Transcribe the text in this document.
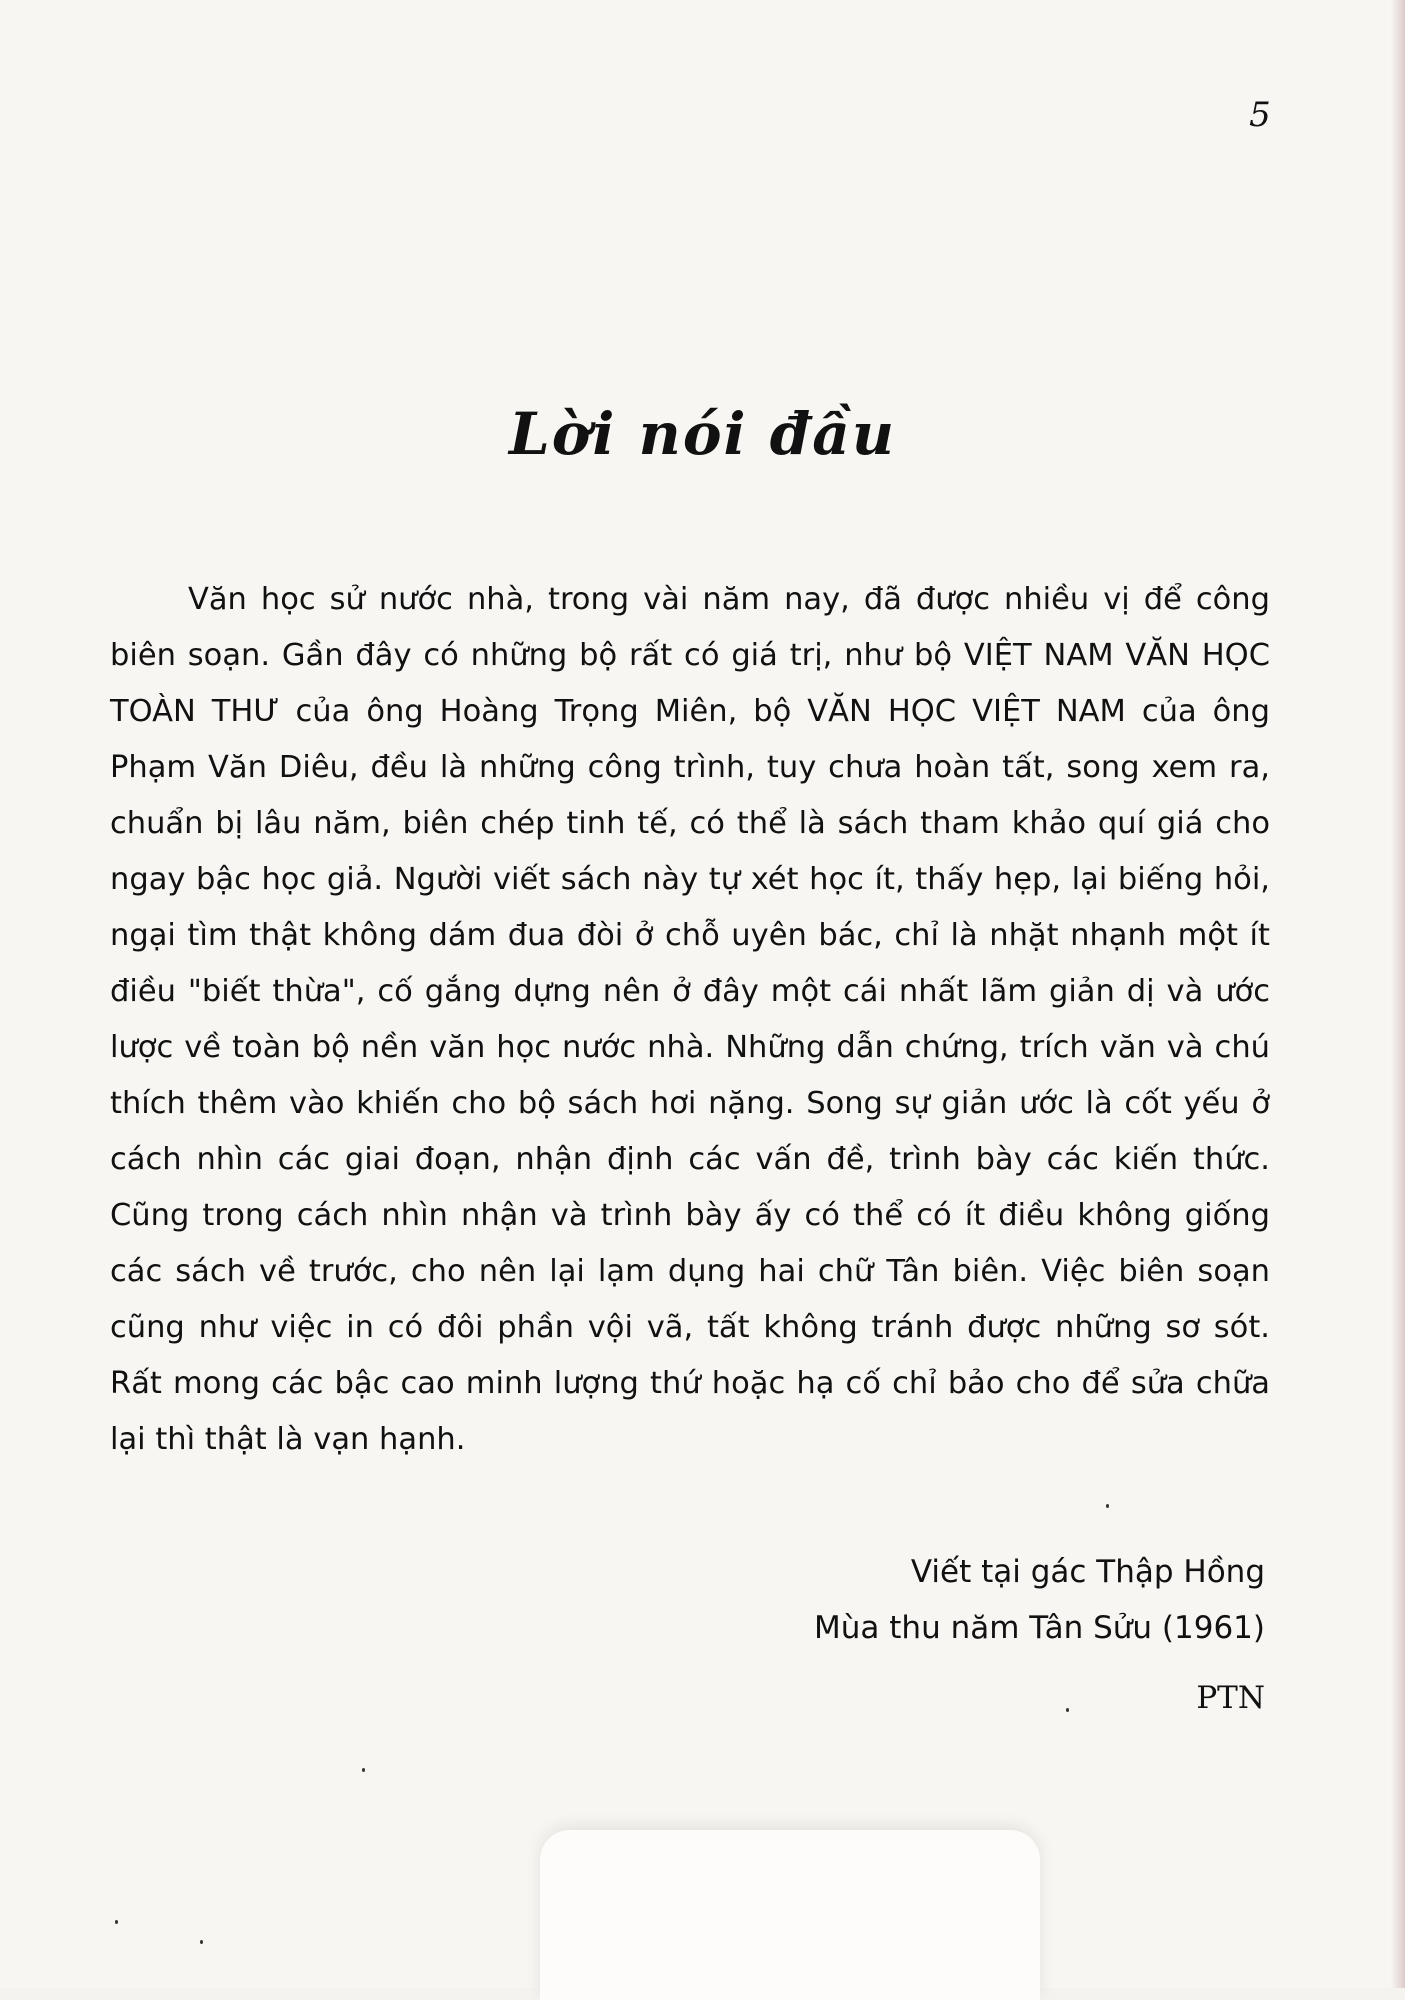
5
Lời nói đầu

Văn học sử nước nhà, trong vài năm nay, đã được nhiều vị để công biên soạn. Gần đây có những bộ rất có giá trị, như bộ VIỆT NAM VĂN HỌC TOÀN THƯ của ông Hoàng Trọng Miên, bộ VĂN HỌC VIỆT NAM của ông Phạm Văn Diêu, đều là những công trình, tuy chưa hoàn tất, song xem ra, chuẩn bị lâu năm, biên chép tinh tế, có thể là sách tham khảo quí giá cho ngay bậc học giả. Người viết sách này tự xét học ít, thấy hẹp, lại biếng hỏi, ngại tìm thật không dám đua đòi ở chỗ uyên bác, chỉ là nhặt nhạnh một ít điều "biết thừa", cố gắng dựng nên ở đây một cái nhất lãm giản dị và ước lược về toàn bộ nền văn học nước nhà. Những dẫn chứng, trích văn và chú thích thêm vào khiến cho bộ sách hơi nặng. Song sự giản ước là cốt yếu ở cách nhìn các giai đoạn, nhận định các vấn đề, trình bày các kiến thức. Cũng trong cách nhìn nhận và trình bày ấy có thể có ít điều không giống các sách về trước, cho nên lại lạm dụng hai chữ Tân biên. Việc biên soạn cũng như việc in có đôi phần vội vã, tất không tránh được những sơ sót. Rất mong các bậc cao minh lượng thứ hoặc hạ cố chỉ bảo cho để sửa chữa lại thì thật là vạn hạnh.

Viết tại gác Thập Hồng
Mùa thu năm Tân Sửu (1961)
PTN
